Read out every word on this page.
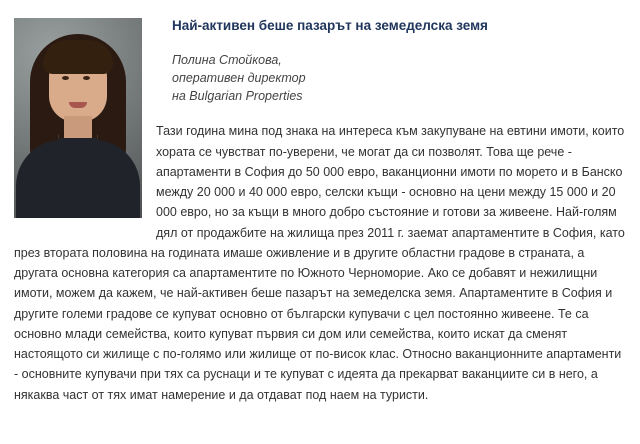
Най-активен беше пазарът на земеделска земя
Полина Стойкова,
оперативен директор
на Bulgarian Properties

Тази година мина под знака на интереса към закупуване на евтини имоти, които хората се чувстват по-уверени, че могат да си позволят. Това ще рече - апартаменти в София до 50 000 евро, ваканционни имоти по морето и в Банско между 20 000 и 40 000 евро, селски къщи - основно на цени между 15 000 и 20 000 евро, но за къщи в много добро състояние и готови за живеене. Най-голям дял от продажбите на жилища през 2011 г. заемат апартаментите в София, като през втората половина на годината имаше оживление и в другите областни градове в страната, а другата основна категория са апартаментите по Южното Черноморие. Ако се добавят и нежилищни имоти, можем да кажем, че най-активен беше пазарът на земеделска земя. Апартаментите в София и другите големи градове се купуват основно от български купувачи с цел постоянно живеене. Те са основно млади семейства, които купуват първия си дом или семейства, които искат да сменят настоящото си жилище с по-голямо или жилище от по-висок клас. Относно ваканционните апартаменти - основните купувачи при тях са руснаци и те купуват с идеята да прекарват ваканциите си в него, а някаква част от тях имат намерение и да отдават под наем на туристи.
